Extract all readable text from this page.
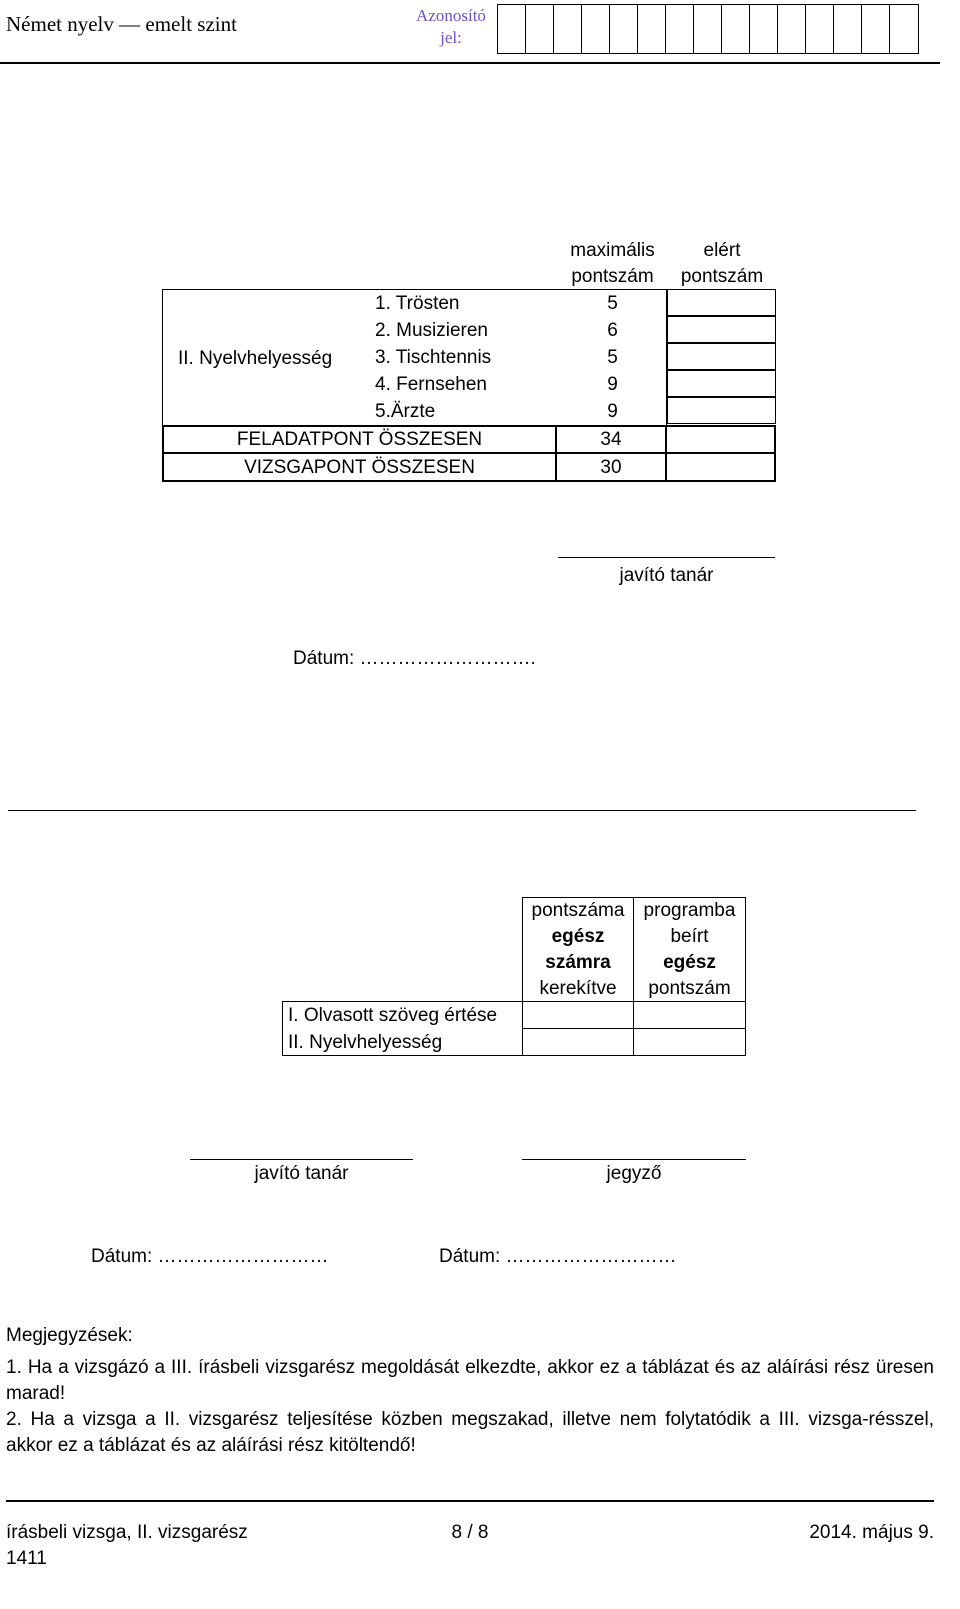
Német nyelv — emelt szint	Azonosító
jel:
maximális
pontszám
elért
pontszám
II. Nyelvhelyesség
1. Trösten	5
2. Musizieren	6
3. Tischtennis	5
4. Fernsehen	9
5.Ärzte	9
FELADATPONT ÖSSZESEN	34
VIZSGAPONT ÖSSZESEN	30
javító tanár
Dátum: ……………………….
pontszáma
egész
számra
kerekítve
programba
beírt
egész
pontszám
I. Olvasott szöveg értése
II. Nyelvhelyesség
javító tanár	jegyző
Dátum: ………………………	Dátum: ………………………
Megjegyzések:
1. Ha a vizsgázó a III. írásbeli vizsgarész megoldását elkezdte, akkor ez a táblázat és az aláírási rész üresen marad!
2. Ha a vizsga a II. vizsgarész teljesítése közben megszakad, illetve nem folytatódik a III. vizsga-résszel, akkor ez a táblázat és az aláírási rész kitöltendő!
írásbeli vizsga, II. vizsgarész
1411
8 / 8	2014. május 9.
